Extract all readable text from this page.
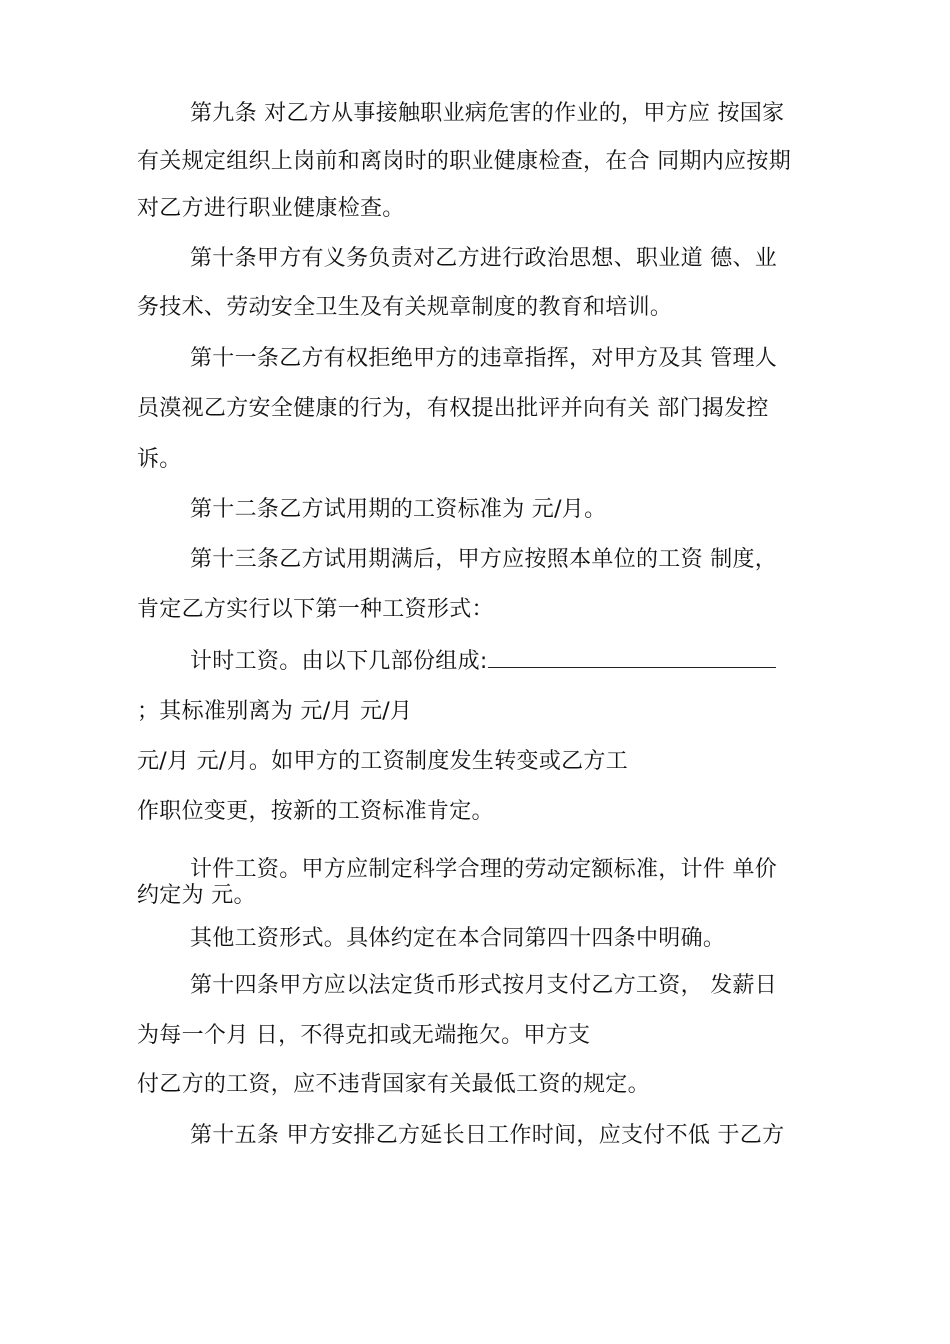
第九条 对乙方从事接触职业病危害的作业的，甲方应 按国家
有关规定组织上岗前和离岗时的职业健康检查，在合 同期内应按期
对乙方进行职业健康检查。
第十条甲方有义务负责对乙方进行政治思想、职业道 德、业
务技术、劳动安全卫生及有关规章制度的教育和培训。
第十一条乙方有权拒绝甲方的违章指挥，对甲方及其 管理人
员漠视乙方安全健康的行为，有权提出批评并向有关 部门揭发控
诉。
第十二条乙方试用期的工资标准为 元/月。
第十三条乙方试用期满后，甲方应按照本单位的工资 制度，
肯定乙方实行以下第一种工资形式：
计时工资。由以下几部份组成:
；其标准别离为 元/月 元/月
元/月 元/月。如甲方的工资制度发生转变或乙方工
作职位变更，按新的工资标准肯定。
计件工资。甲方应制定科学合理的劳动定额标准，计件 单价
约定为 元。
其他工资形式。具体约定在本合同第四十四条中明确。
第十四条甲方应以法定货币形式按月支付乙方工资， 发薪日
为每一个月 日，不得克扣或无端拖欠。甲方支
付乙方的工资，应不违背国家有关最低工资的规定。
第十五条 甲方安排乙方延长日工作时间，应支付不低 于乙方
